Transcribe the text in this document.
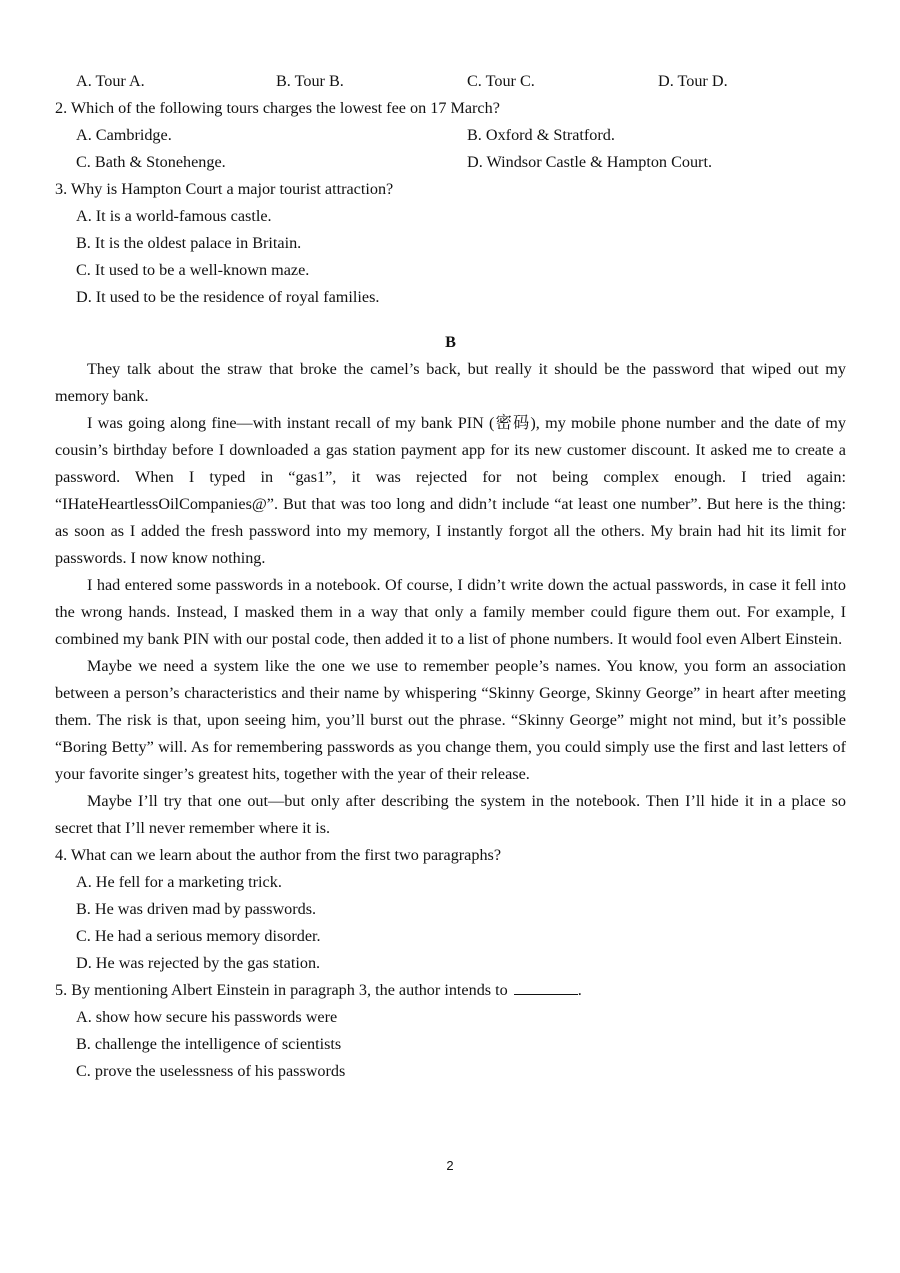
A. Tour A.	B. Tour B.	C. Tour C.	D. Tour D.
2. Which of the following tours charges the lowest fee on 17 March?
A. Cambridge.	B. Oxford & Stratford.
C. Bath & Stonehenge.	D. Windsor Castle & Hampton Court.
3. Why is Hampton Court a major tourist attraction?
A. It is a world-famous castle.
B. It is the oldest palace in Britain.
C. It used to be a well-known maze.
D. It used to be the residence of royal families.
B

They talk about the straw that broke the camel’s back, but really it should be the password that wiped out my memory bank.

I was going along fine—with instant recall of my bank PIN (密码), my mobile phone number and the date of my cousin’s birthday before I downloaded a gas station payment app for its new customer discount. It asked me to create a password. When I typed in “gas1”, it was rejected for not being complex enough. I tried again: “IHateHeartlessOilCompanies@”. But that was too long and didn’t include “at least one number”. But here is the thing: as soon as I added the fresh password into my memory, I instantly forgot all the others. My brain had hit its limit for passwords. I now know nothing.

I had entered some passwords in a notebook. Of course, I didn’t write down the actual passwords, in case it fell into the wrong hands. Instead, I masked them in a way that only a family member could figure them out. For example, I combined my bank PIN with our postal code, then added it to a list of phone numbers. It would fool even Albert Einstein.

Maybe we need a system like the one we use to remember people’s names. You know, you form an association between a person’s characteristics and their name by whispering “Skinny George, Skinny George” in heart after meeting them. The risk is that, upon seeing him, you’ll burst out the phrase. “Skinny George” might not mind, but it’s possible “Boring Betty” will. As for remembering passwords as you change them, you could simply use the first and last letters of your favorite singer’s greatest hits, together with the year of their release.

Maybe I’ll try that one out—but only after describing the system in the notebook. Then I’ll hide it in a place so secret that I’ll never remember where it is.

4. What can we learn about the author from the first two paragraphs?
A. He fell for a marketing trick.
B. He was driven mad by passwords.
C. He had a serious memory disorder.
D. He was rejected by the gas station.
5. By mentioning Albert Einstein in paragraph 3, the author intends to	.
A. show how secure his passwords were
B. challenge the intelligence of scientists
C. prove the uselessness of his passwords
2
